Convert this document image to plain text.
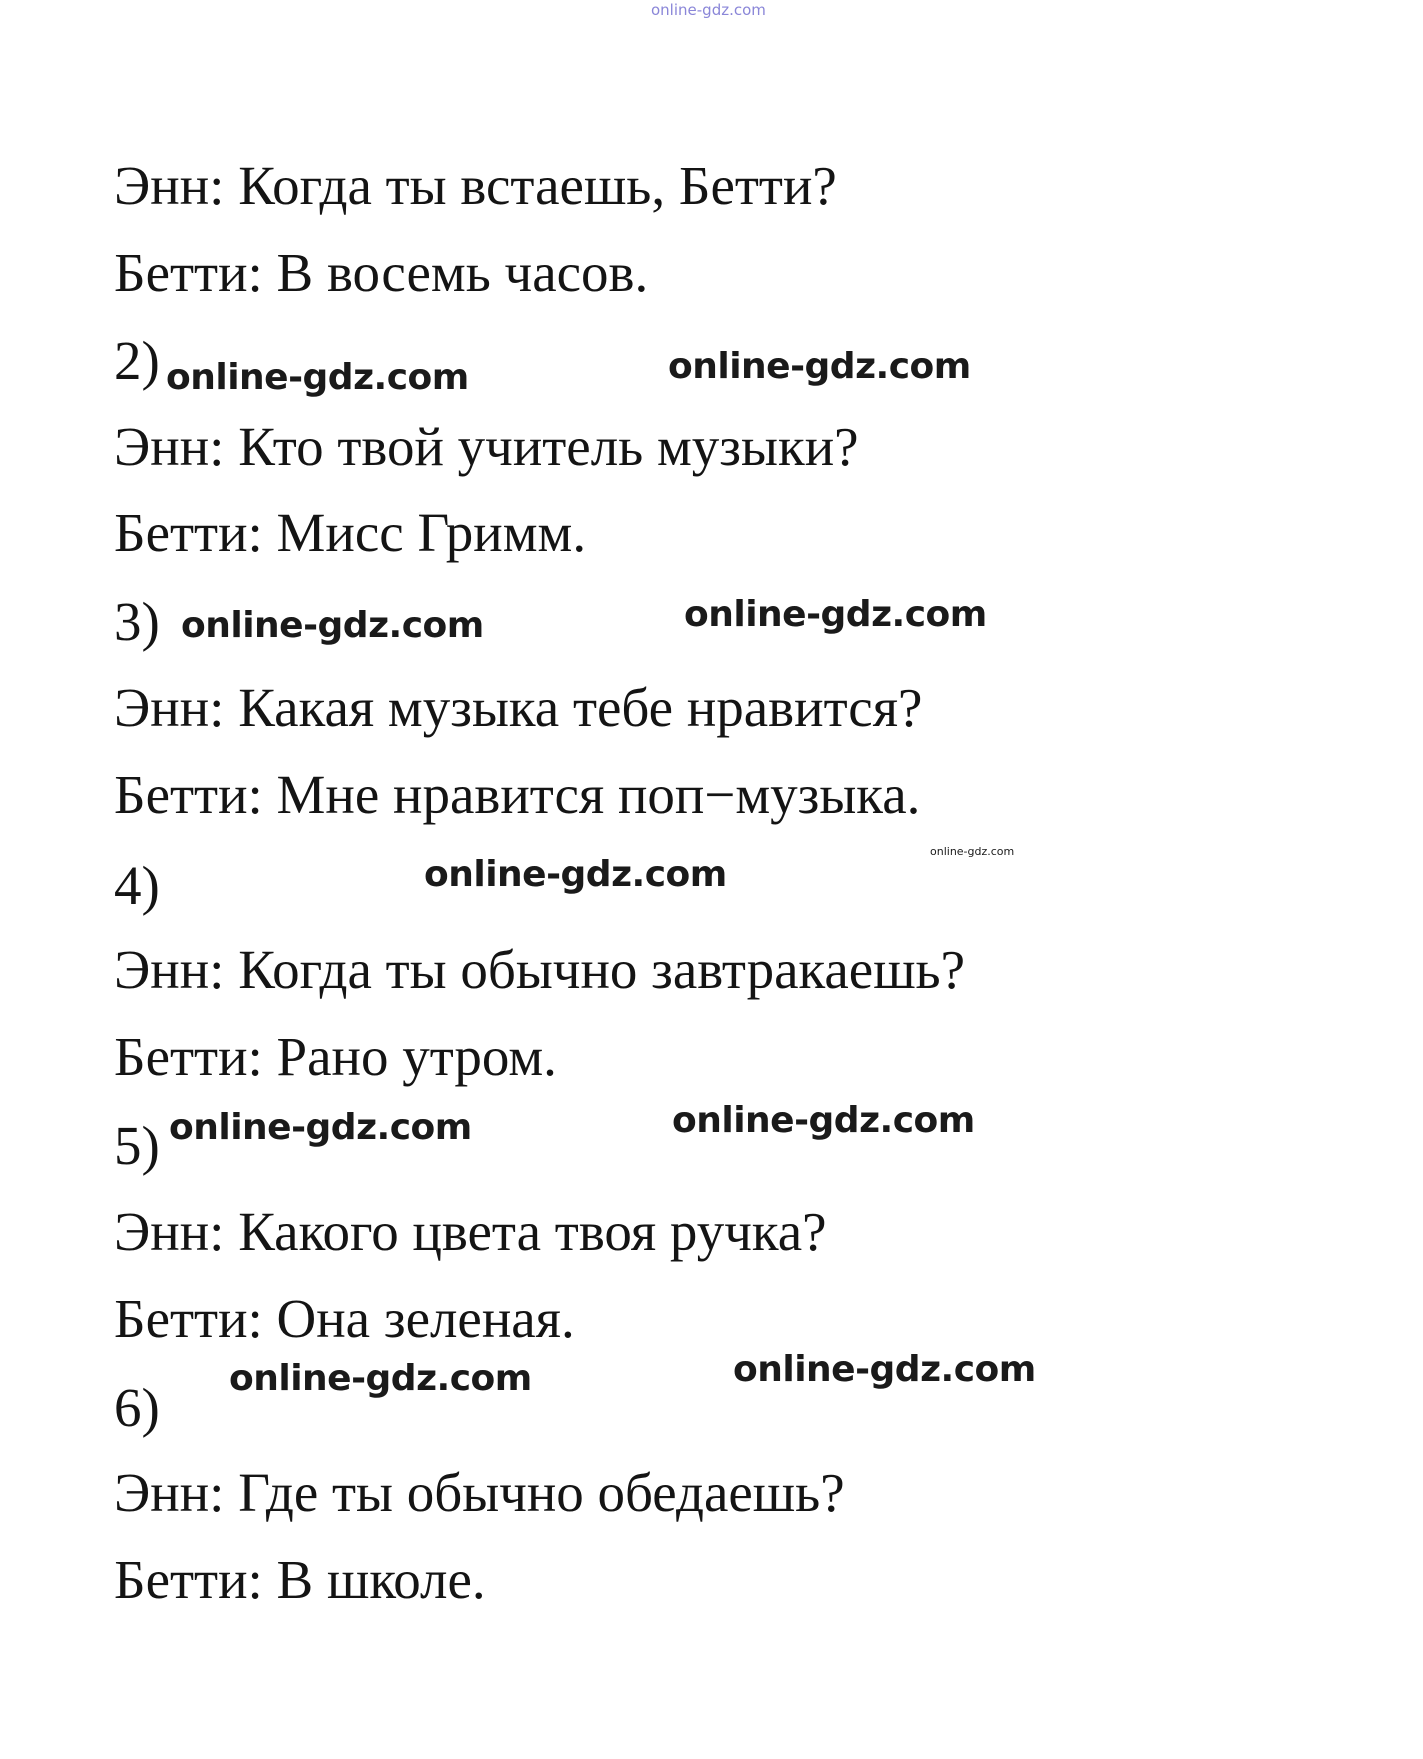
online-gdz.com
Энн: Когда ты встаешь, Бетти?
Бетти: В восемь часов.
2) online-gdz.com	online-gdz.com
Энн: Кто твой учитель музыки?
Бетти: Мисс Гримм.
3) online-gdz.com	online-gdz.com
Энн: Какая музыка тебе нравится?
Бетти: Мне нравится поп−музыка.
online-gdz.com
4)	online-gdz.com
Энн: Когда ты обычно завтракаешь?
Бетти: Рано утром.
5) online-gdz.com	online-gdz.com
Энн: Какого цвета твоя ручка?
Бетти: Она зеленая.
6) online-gdz.com	online-gdz.com
Энн: Где ты обычно обедаешь?
Бетти: В школе.
